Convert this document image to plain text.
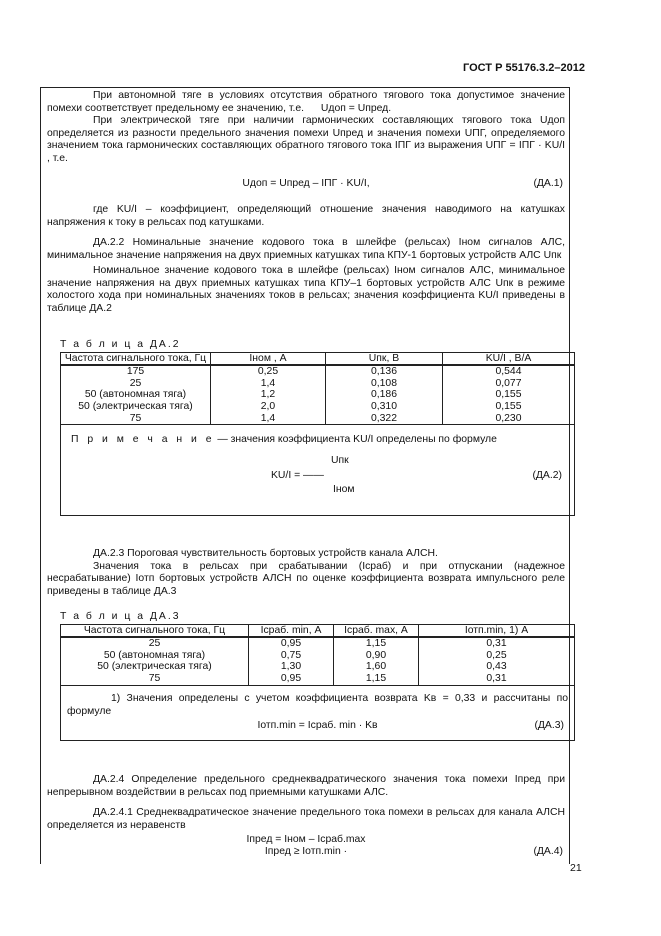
ГОСТ Р 55176.3.2–2012
21

При автономной тяге в условиях отсутствия обратного тягового тока допустимое значение помехи соответствует предельному ее значению, т.е. Uдоп = Uпред.

При электрической тяге при наличии гармонических составляющих тягового тока Uдоп определяется из разности предельного значения помехи Uпред и значения помехи UПГ, определяемого значением тока гармонических составляющих обратного тягового тока IПГ из выражения UПГ = IПГ · KU/I , т.е.

Uдоп = Uпред – IПГ · KU/I,	(ДА.1)

где KU/I – коэффициент, определяющий отношение значения наводимого на катушках напряжения к току в рельсах под катушками.

ДА.2.2 Номинальные значение кодового тока в шлейфе (рельсах) Iном сигналов АЛС, минимальное значение напряжения на двух приемных катушках типа КПУ-1 бортовых устройств АЛС Uпк

Номинальное значение кодового тока в шлейфе (рельсах) Iном сигналов АЛС, минимальное значение напряжения на двух приемных катушках типа КПУ–1 бортовых устройств АЛС Uпк в режиме холостого хода при номинальных значениях токов в рельсах; значения коэффициента KU/I приведены в таблице ДА.2

Т а б л и ц а ДА.2
Частота сигнального тока, Гц	Iном , А	Uпк, В	KU/I , В/А
175	0,25	0,136	0,544
25	1,4	0,108	0,077
50 (автономная тяга)	1,2	0,186	0,155
50 (электрическая тяга)	2,0	0,310	0,155
75	1,4	0,322	0,230

П р и м е ч а н и е — значения коэффициента KU/I определены по формуле
Uпк
KU/I = ——
Iном
(ДА.2)			

ДА.2.3 Пороговая чувствительность бортовых устройств канала АЛСН.

Значения тока в рельсах при срабатывании (Iсраб) и при отпускании (надежное несрабатывание) Iотп бортовых устройств АЛСН по оценке коэффициента возврата импульсного реле приведены в таблице ДА.3

Т а б л и ц а ДА.3
Частота сигнального тока, Гц	Iсраб. min, А	Iсраб. max, А	Iотп.min, 1) А
25	0,95	1,15	0,31
50 (автономная тяга)	0,75	0,90	0,25
50 (электрическая тяга)	1,30	1,60	0,43
75	0,95	1,15	0,31

1) Значения определены с учетом коэффициента возврата Kв = 0,33 и рассчитаны по формуле
Iотп.min = Iсраб. min · Kв (ДА.3)			

ДА.2.4 Определение предельного среднеквадратического значения тока помехи Iпред при непрерывном воздействии в рельсах под приемными катушками АЛС.

ДА.2.4.1 Среднеквадратическое значение предельного тока помехи в рельсах для канала АЛСН определяется из неравенств

Iпред = Iном – Iсраб.max
Iпред ≥ Iотп.min ·	(ДА.4)
